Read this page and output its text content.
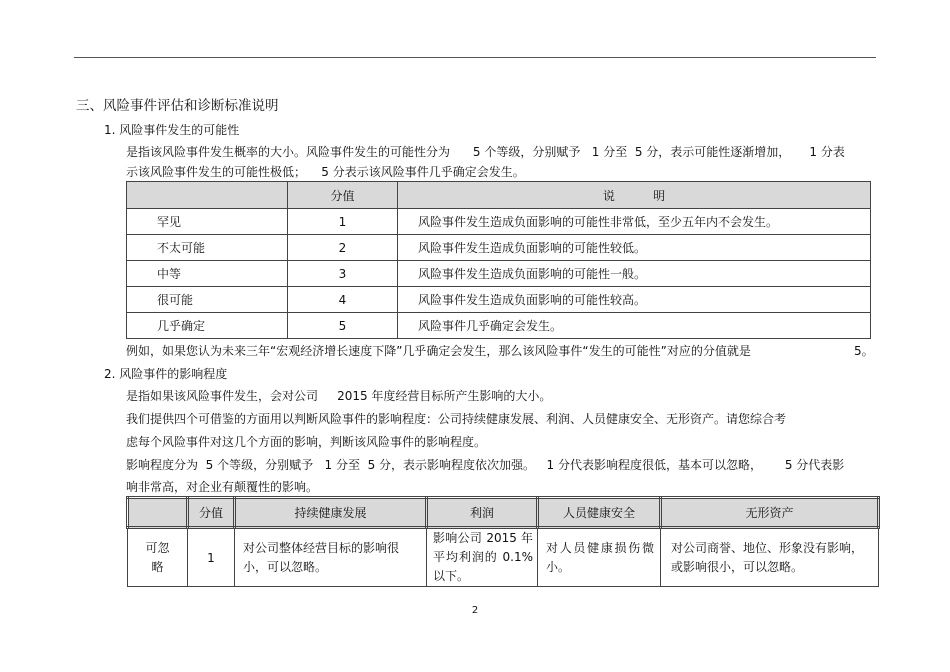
三、风险事件评估和诊断标准说明
1. 风险事件发生的可能性
是指该风险事件发生概率的大小。风险事件发生的可能性分为      5 个等级，分别赋予   1 分至  5 分，表示可能性逐渐增加，     1 分表
示该风险事件发生的可能性极低；    5 分表示该风险事件几乎确定会发生。
	分值	说          明
罕见	1	风险事件发生造成负面影响的可能性非常低，至少五年内不会发生。
不太可能	2	风险事件发生造成负面影响的可能性较低。
中等	3	风险事件发生造成负面影响的可能性一般。
很可能	4	风险事件发生造成负面影响的可能性较高。
几乎确定	5	风险事件几乎确定会发生。
例如，如果您认为未来三年“宏观经济增长速度下降”几乎确定会发生，那么该风险事件“发生的可能性”对应的分值就是	5。
2. 风险事件的影响程度
是指如果该风险事件发生，会对公司     2015 年度经营目标所产生影响的大小。
我们提供四个可借鉴的方面用以判断风险事件的影响程度：公司持续健康发展、利润、人员健康安全、无形资产。请您综合考
虑每个风险事件对这几个方面的影响，判断该风险事件的影响程度。
影响程度分为  5 个等级，分别赋予   1 分至  5 分，表示影响程度依次加强。   1 分代表影响程度很低，基本可以忽略，      5 分代表影
响非常高，对企业有颠覆性的影响。
	分值	持续健康发展	利润	人员健康安全	无形资产

可忽
略	1	对公司整体经营目标的影响很小，可以忽略。	影响公司 2015 年平均利润的 0.1%以下。	对人员健康损伤微小。	对公司商誉、地位、形象没有影响，或影响很小，可以忽略。
2
